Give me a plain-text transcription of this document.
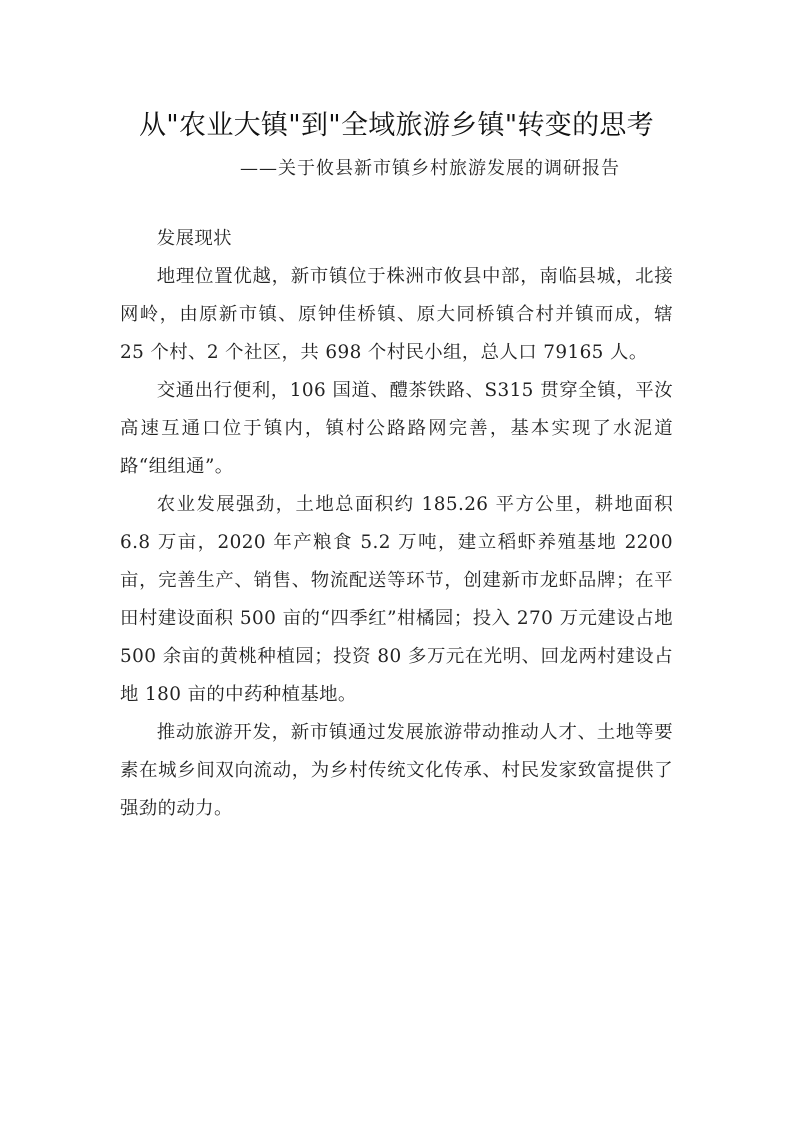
从"农业大镇"到"全域旅游乡镇"转变的思考
——关于攸县新市镇乡村旅游发展的调研报告

发展现状

地理位置优越，新市镇位于株洲市攸县中部，南临县城，北接网岭，由原新市镇、原钟佳桥镇、原大同桥镇合村并镇而成，辖 25 个村、2 个社区，共 698 个村民小组，总人口 79165 人。

交通出行便利，106 国道、醴茶铁路、S315 贯穿全镇，平汝高速互通口位于镇内，镇村公路路网完善，基本实现了水泥道路“组组通”。

农业发展强劲，土地总面积约 185.26 平方公里，耕地面积 6.8 万亩，2020 年产粮食 5.2 万吨，建立稻虾养殖基地 2200 亩，完善生产、销售、物流配送等环节，创建新市龙虾品牌；在平田村建设面积 500 亩的“四季红”柑橘园；投入 270 万元建设占地 500 余亩的黄桃种植园；投资 80 多万元在光明、回龙两村建设占地 180 亩的中药种植基地。

推动旅游开发，新市镇通过发展旅游带动推动人才、土地等要素在城乡间双向流动，为乡村传统文化传承、村民发家致富提供了强劲的动力。
